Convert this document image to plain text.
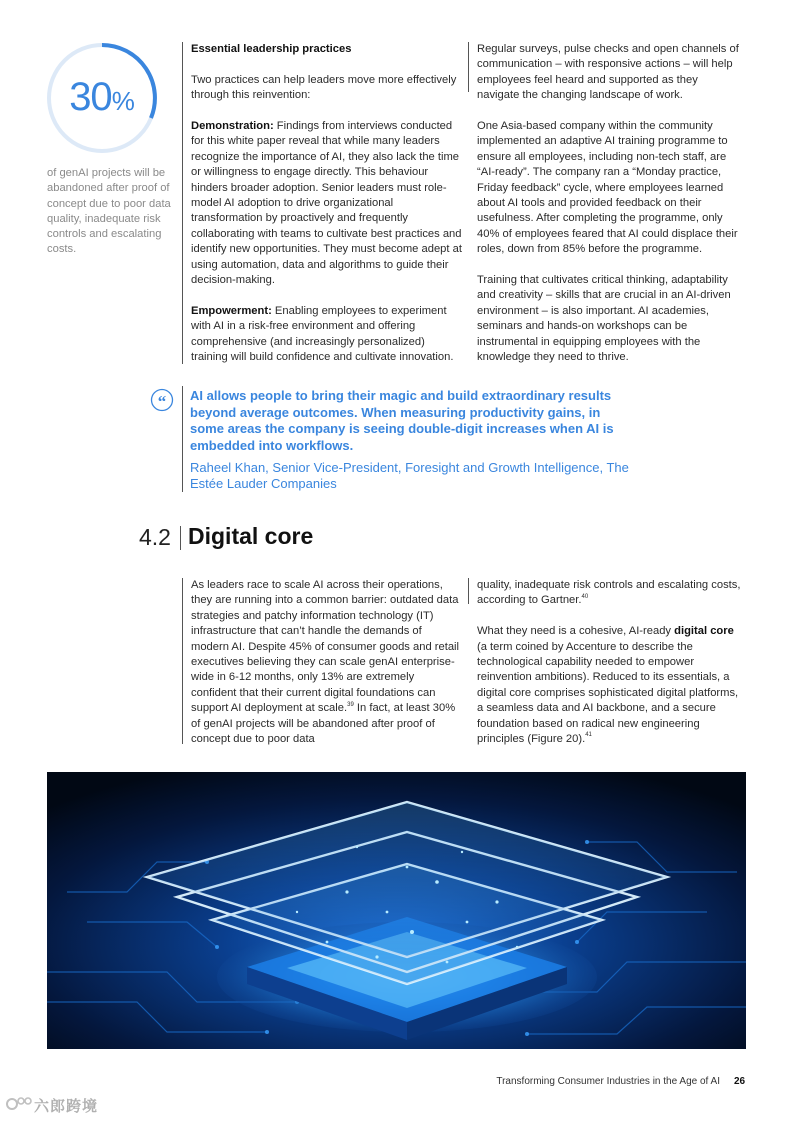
30%
of genAI projects will be abandoned after proof of concept due to poor data quality, inadequate risk controls and escalating costs.

Essential leadership practices

Two practices can help leaders move more effectively through this reinvention:

Demonstration: Findings from interviews conducted for this white paper reveal that while many leaders recognize the importance of AI, they also lack the time or willingness to engage directly. This behaviour hinders broader adoption. Senior leaders must role-model AI adoption to drive organizational transformation by proactively and frequently collaborating with teams to cultivate best practices and identify new opportunities. They must become adept at using automation, data and algorithms to guide their decision-making.

Empowerment: Enabling employees to experiment with AI in a risk-free environment and offering comprehensive (and increasingly personalized) training will build confidence and cultivate innovation.

Regular surveys, pulse checks and open channels of communication – with responsive actions – will help employees feel heard and supported as they navigate the changing landscape of work.

One Asia-based company within the community implemented an adaptive AI training programme to ensure all employees, including non-tech staff, are “AI-ready”. The company ran a “Monday practice, Friday feedback” cycle, where employees learned about AI tools and provided feedback on their usefulness. After completing the programme, only 40% of employees feared that AI could displace their roles, down from 85% before the programme.

Training that cultivates critical thinking, adaptability and creativity – skills that are crucial in an AI-driven environment – is also important. AI academies, seminars and hands-on workshops can be instrumental in equipping employees with the knowledge they need to thrive.

“ AI allows people to bring their magic and build extraordinary results beyond average outcomes. When measuring productivity gains, in some areas the company is seeing double-digit increases when AI is embedded into workflows.
Raheel Khan, Senior Vice-President, Foresight and Growth Intelligence, The Estée Lauder Companies
4.2 Digital core

As leaders race to scale AI across their operations, they are running into a common barrier: outdated data strategies and patchy information technology (IT) infrastructure that can’t handle the demands of modern AI. Despite 45% of consumer goods and retail executives believing they can scale genAI enterprise-wide in 6-12 months, only 13% are extremely confident that their current digital foundations can support AI deployment at scale.$^{39}$ In fact, at least 30% of genAI projects will be abandoned after proof of concept due to poor data

quality, inadequate risk controls and escalating costs, according to Gartner.$^{40}$

What they need is a cohesive, AI-ready digital core (a term coined by Accenture to describe the technological capability needed to empower reinvention ambitions). Reduced to its essentials, a digital core comprises sophisticated digital platforms, a seamless data and AI backbone, and a secure foundation based on radical new engineering principles (Figure 20).$^{41}$

Transforming Consumer Industries in the Age of AI 26
六郎跨境
